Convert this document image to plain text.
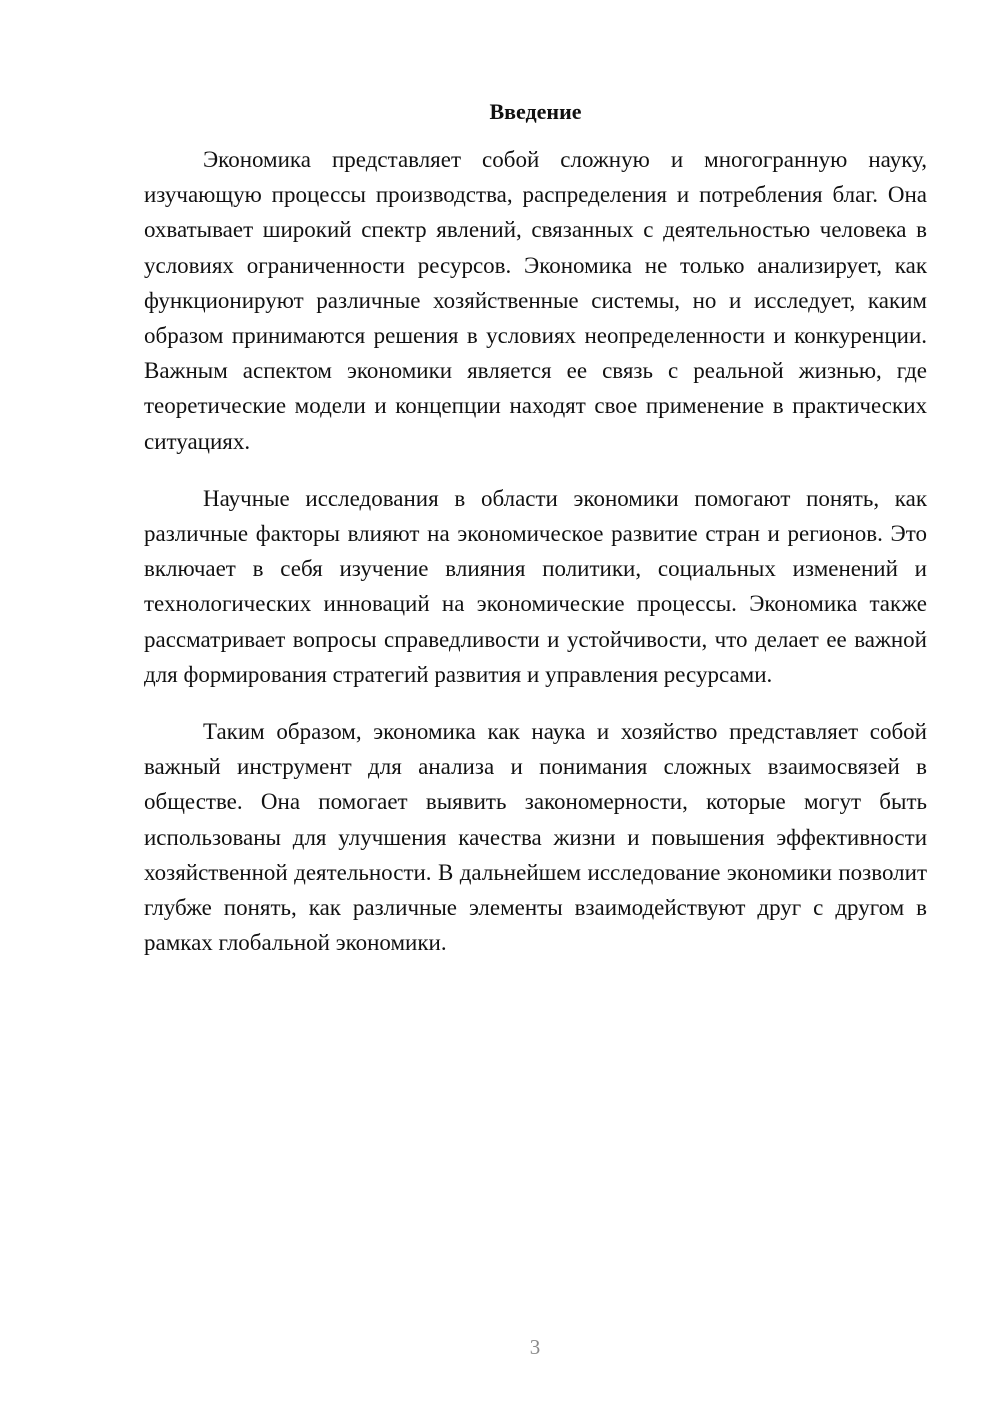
Введение

Экономика представляет собой сложную и многогранную науку, изучающую процессы производства, распределения и потребления благ. Она охватывает широкий спектр явлений, связанных с деятельностью человека в условиях ограниченности ресурсов. Экономика не только анализирует, как функционируют различные хозяйственные системы, но и исследует, каким образом принимаются решения в условиях неопределенности и конкуренции. Важным аспектом экономики является ее связь с реальной жизнью, где теоретические модели и концепции находят свое применение в практических ситуациях.

Научные исследования в области экономики помогают понять, как различные факторы влияют на экономическое развитие стран и регионов. Это включает в себя изучение влияния политики, социальных изменений и технологических инноваций на экономические процессы. Экономика также рассматривает вопросы справедливости и устойчивости, что делает ее важной для формирования стратегий развития и управления ресурсами.

Таким образом, экономика как наука и хозяйство представляет собой важный инструмент для анализа и понимания сложных взаимосвязей в обществе. Она помогает выявить закономерности, которые могут быть использованы для улучшения качества жизни и повышения эффективности хозяйственной деятельности. В дальнейшем исследование экономики позволит глубже понять, как различные элементы взаимодействуют друг с другом в рамках глобальной экономики.

3
